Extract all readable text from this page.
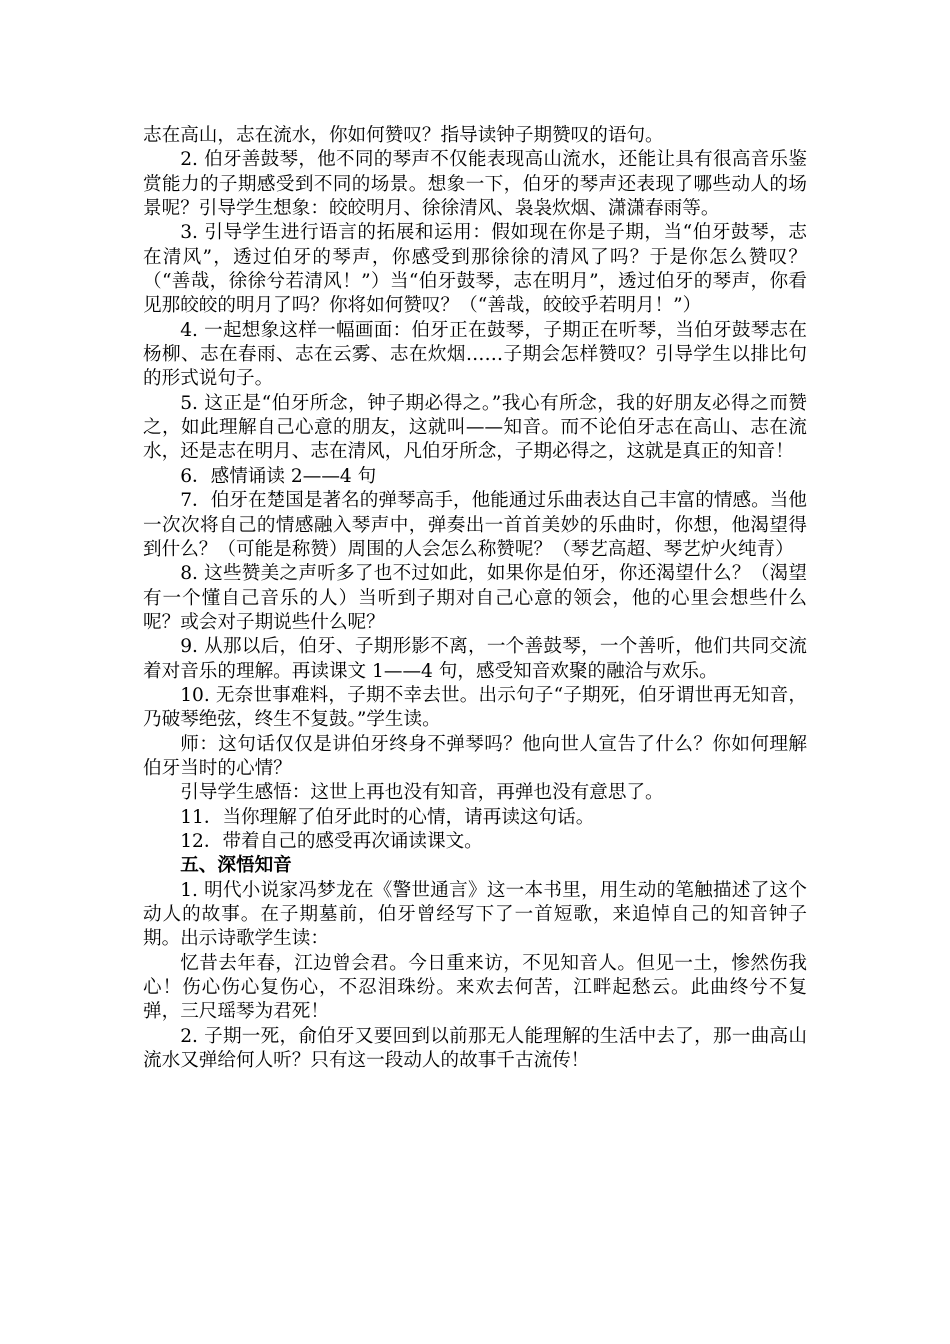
志在高山，志在流水，你如何赞叹？指导读钟子期赞叹的语句。

2. 伯牙善鼓琴，他不同的琴声不仅能表现高山流水，还能让具有很高音乐鉴赏能力的子期感受到不同的场景。想象一下，伯牙的琴声还表现了哪些动人的场景呢？引导学生想象：皎皎明月、徐徐清风、袅袅炊烟、潇潇春雨等。

3. 引导学生进行语言的拓展和运用：假如现在你是子期，当“伯牙鼓琴，志在清风”，透过伯牙的琴声，你感受到那徐徐的清风了吗？于是你怎么赞叹？（“善哉，徐徐兮若清风！”）当“伯牙鼓琴，志在明月”，透过伯牙的琴声，你看见那皎皎的明月了吗？你将如何赞叹？（“善哉，皎皎乎若明月！”）

4. 一起想象这样一幅画面：伯牙正在鼓琴，子期正在听琴，当伯牙鼓琴志在杨柳、志在春雨、志在云雾、志在炊烟……子期会怎样赞叹？引导学生以排比句的形式说句子。

5. 这正是“伯牙所念，钟子期必得之。”我心有所念，我的好朋友必得之而赞之，如此理解自己心意的朋友，这就叫——知音。而不论伯牙志在高山、志在流水，还是志在明月、志在清风，凡伯牙所念，子期必得之，这就是真正的知音！

6．感情诵读 2——4 句

7．伯牙在楚国是著名的弹琴高手，他能通过乐曲表达自己丰富的情感。当他一次次将自己的情感融入琴声中，弹奏出一首首美妙的乐曲时，你想，他渴望得到什么？（可能是称赞）周围的人会怎么称赞呢？（琴艺高超、琴艺炉火纯青）

8. 这些赞美之声听多了也不过如此，如果你是伯牙，你还渴望什么？（渴望有一个懂自己音乐的人）当听到子期对自己心意的领会，他的心里会想些什么呢？或会对子期说些什么呢？

9. 从那以后，伯牙、子期形影不离，一个善鼓琴，一个善听，他们共同交流着对音乐的理解。再读课文 1——4 句，感受知音欢聚的融洽与欢乐。

10. 无奈世事难料，子期不幸去世。出示句子“子期死，伯牙谓世再无知音，乃破琴绝弦，终生不复鼓。”学生读。

师：这句话仅仅是讲伯牙终身不弹琴吗？他向世人宣告了什么？你如何理解伯牙当时的心情？

引导学生感悟：这世上再也没有知音，再弹也没有意思了。

11．当你理解了伯牙此时的心情，请再读这句话。

12．带着自己的感受再次诵读课文。

五、深悟知音

1. 明代小说家冯梦龙在《警世通言》这一本书里，用生动的笔触描述了这个动人的故事。在子期墓前，伯牙曾经写下了一首短歌，来追悼自己的知音钟子期。出示诗歌学生读：

忆昔去年春，江边曾会君。今日重来访，不见知音人。但见一土，惨然伤我心！伤心伤心复伤心，不忍泪珠纷。来欢去何苦，江畔起愁云。此曲终兮不复弹，三尺瑶琴为君死！

2. 子期一死，俞伯牙又要回到以前那无人能理解的生活中去了，那一曲高山流水又弹给何人听？只有这一段动人的故事千古流传！
